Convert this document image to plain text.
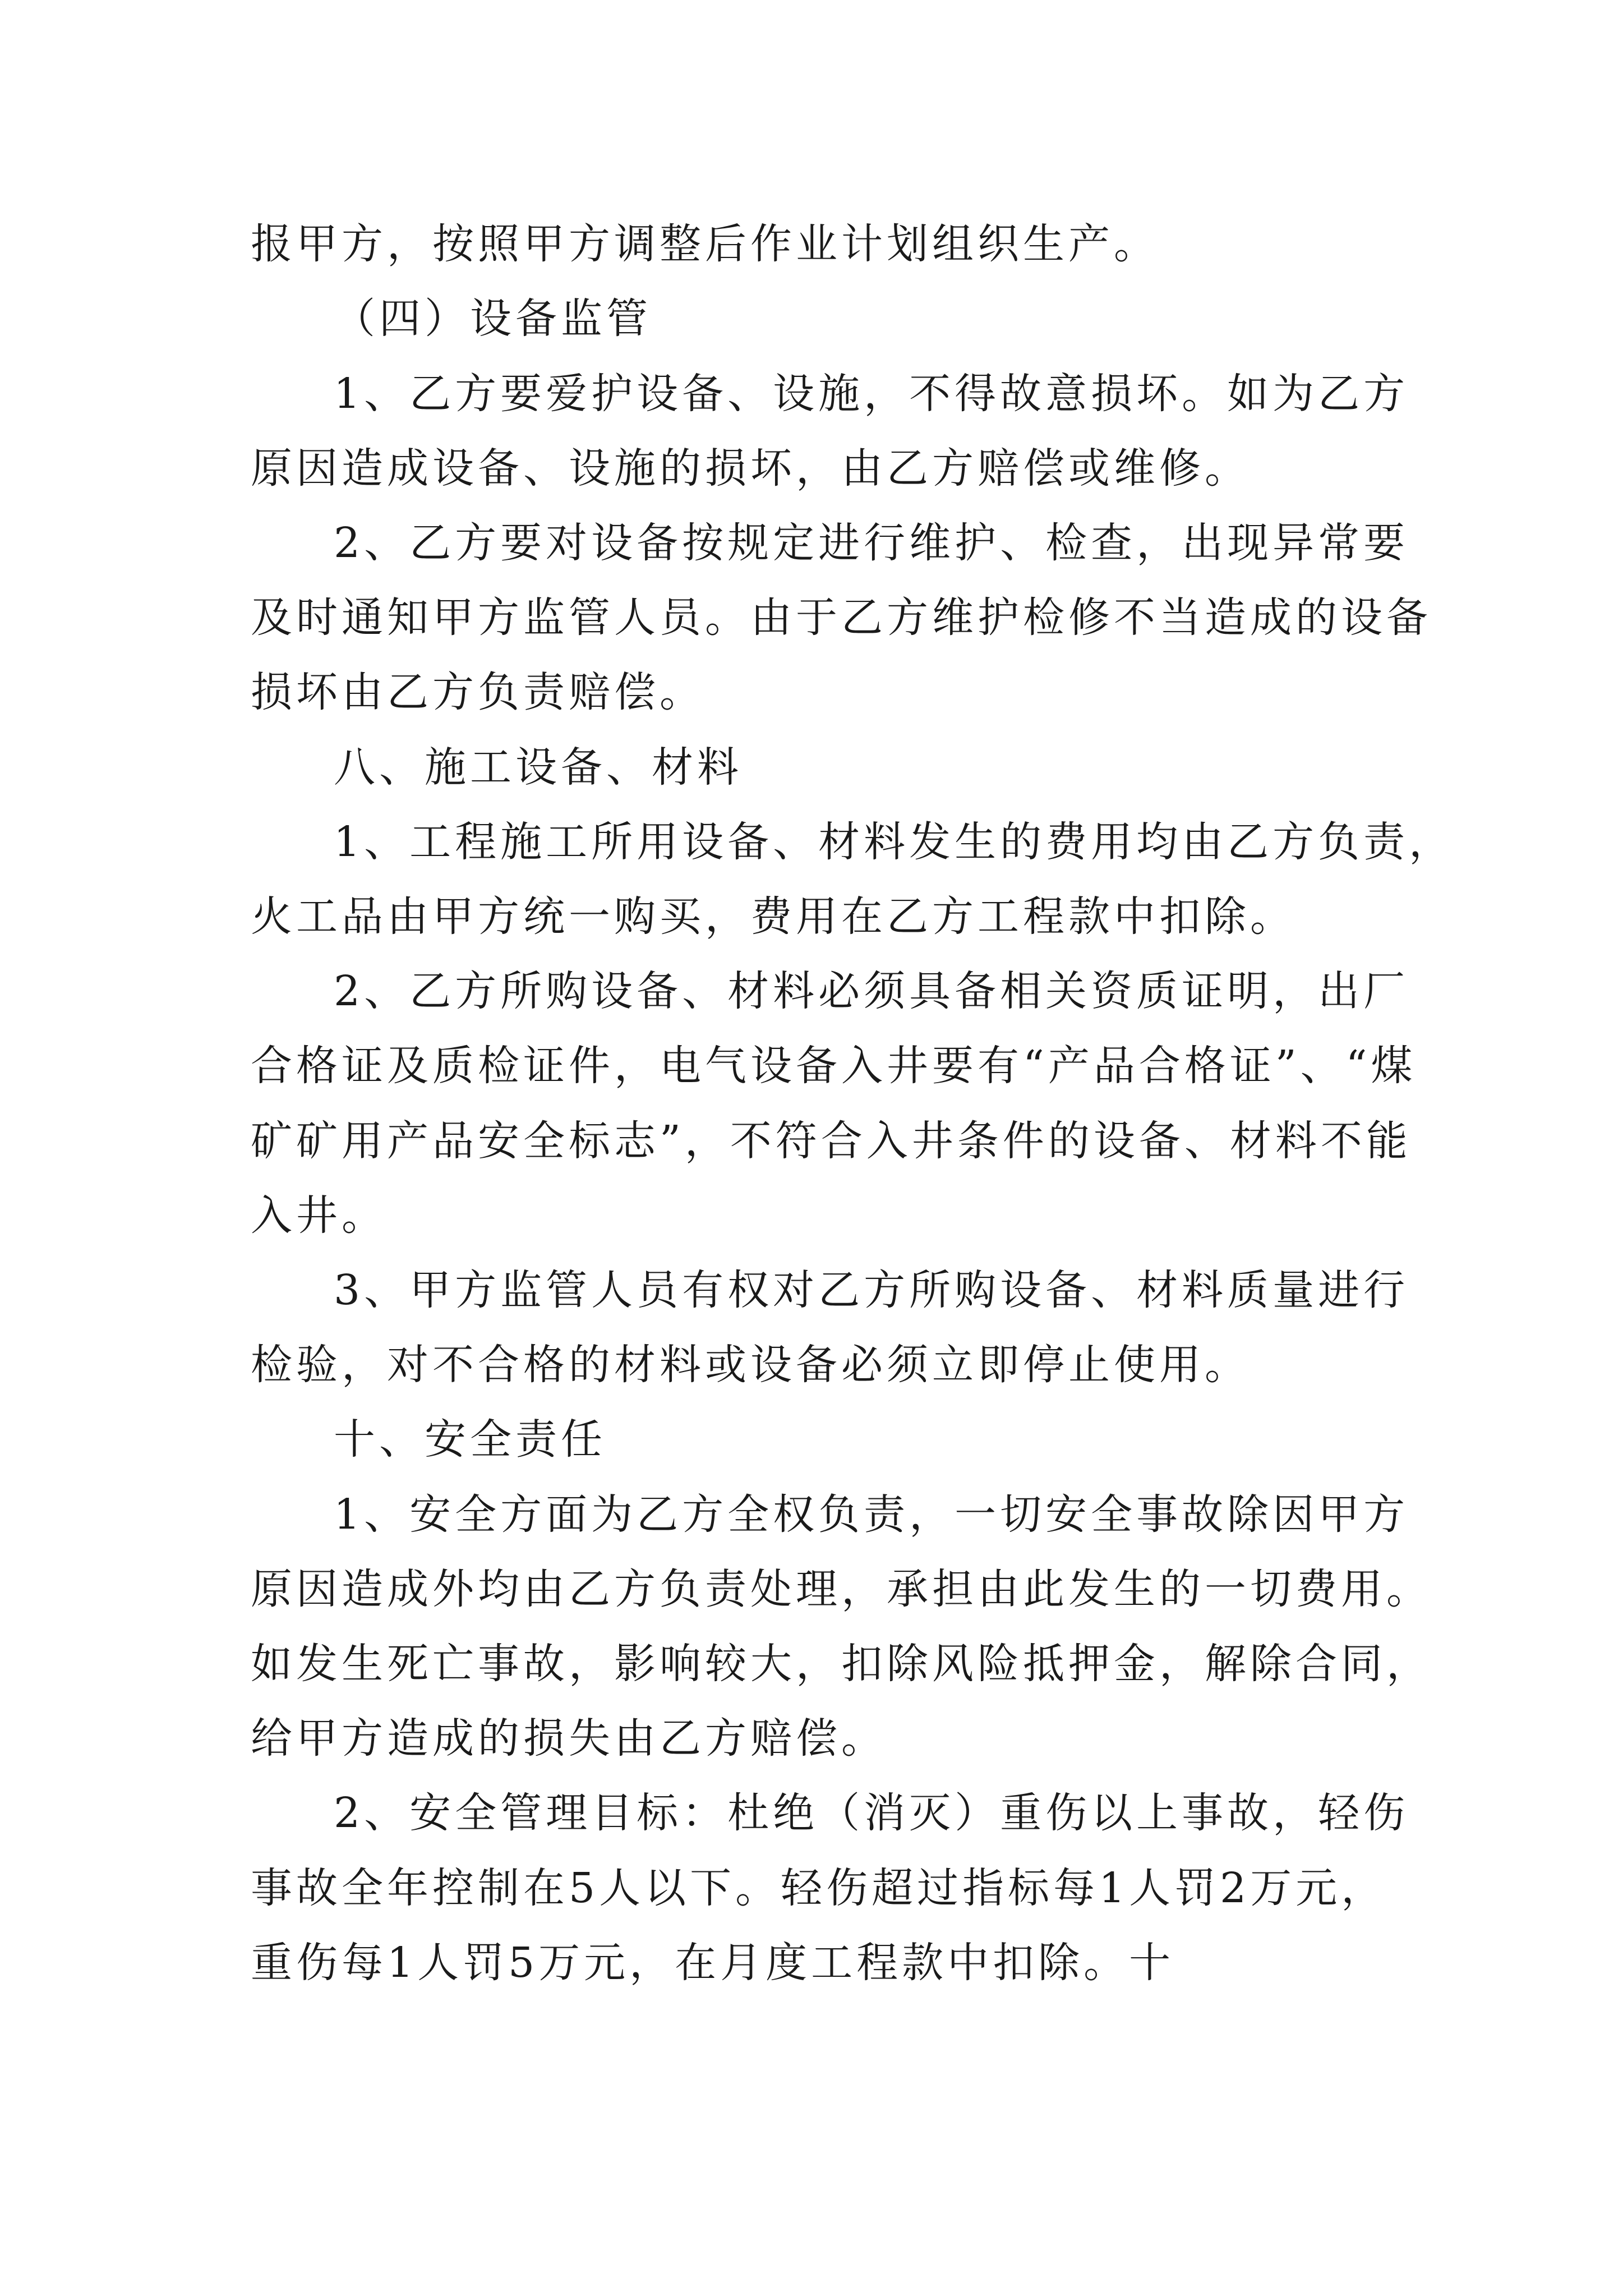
报甲方，按照甲方调整后作业计划组织生产。
（四）设备监管
1、乙方要爱护设备、设施，不得故意损坏。如为乙方
原因造成设备、设施的损坏，由乙方赔偿或维修。
2、乙方要对设备按规定进行维护、检查，出现异常要
及时通知甲方监管人员。由于乙方维护检修不当造成的设备
损坏由乙方负责赔偿。
八、施工设备、材料
1、工程施工所用设备、材料发生的费用均由乙方负责，
火工品由甲方统一购买，费用在乙方工程款中扣除。
2、乙方所购设备、材料必须具备相关资质证明，出厂
合格证及质检证件，电气设备入井要有“产品合格证”、“煤
矿矿用产品安全标志”，不符合入井条件的设备、材料不能
入井。
3、甲方监管人员有权对乙方所购设备、材料质量进行
检验，对不合格的材料或设备必须立即停止使用。
十、安全责任
1、安全方面为乙方全权负责，一切安全事故除因甲方
原因造成外均由乙方负责处理，承担由此发生的一切费用。
如发生死亡事故，影响较大，扣除风险抵押金，解除合同，
给甲方造成的损失由乙方赔偿。
2、安全管理目标：杜绝（消灭）重伤以上事故，轻伤
事故全年控制在5人以下。轻伤超过指标每1人罚2万元，
重伤每1人罚5万元，在月度工程款中扣除。十
